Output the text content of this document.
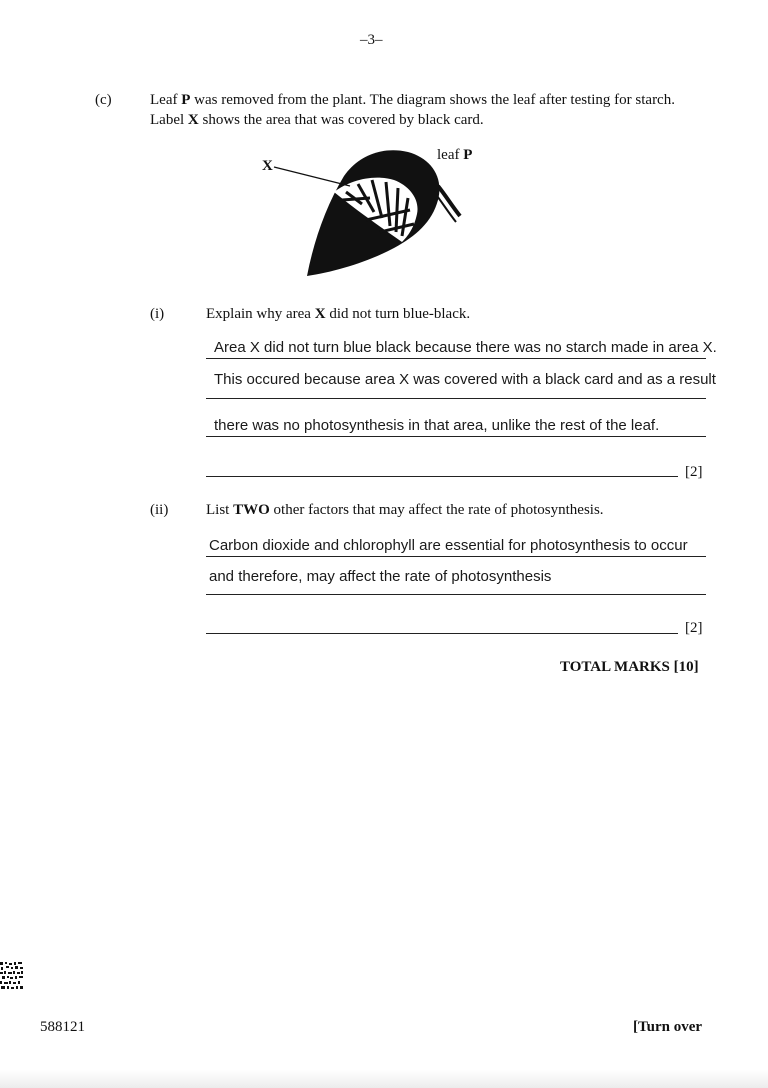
–3–
(c)	Leaf P was removed from the plant. The diagram shows the leaf after testing for starch.
Label X shows the area that was covered by black card.
X
leaf P
(i)	Explain why area X did not turn blue-black.
Area X did not turn blue black because there was no starch made in area X.
This occured because area X was covered with a black card and as a result
there was no photosynthesis in that area, unlike the rest of the leaf.
[2]
(ii)	List TWO other factors that may affect the rate of photosynthesis.
Carbon dioxide and chlorophyll are essential for photosynthesis to occur
and therefore, may affect the rate of photosynthesis
[2]
TOTAL MARKS [10]
588121	[Turn over
